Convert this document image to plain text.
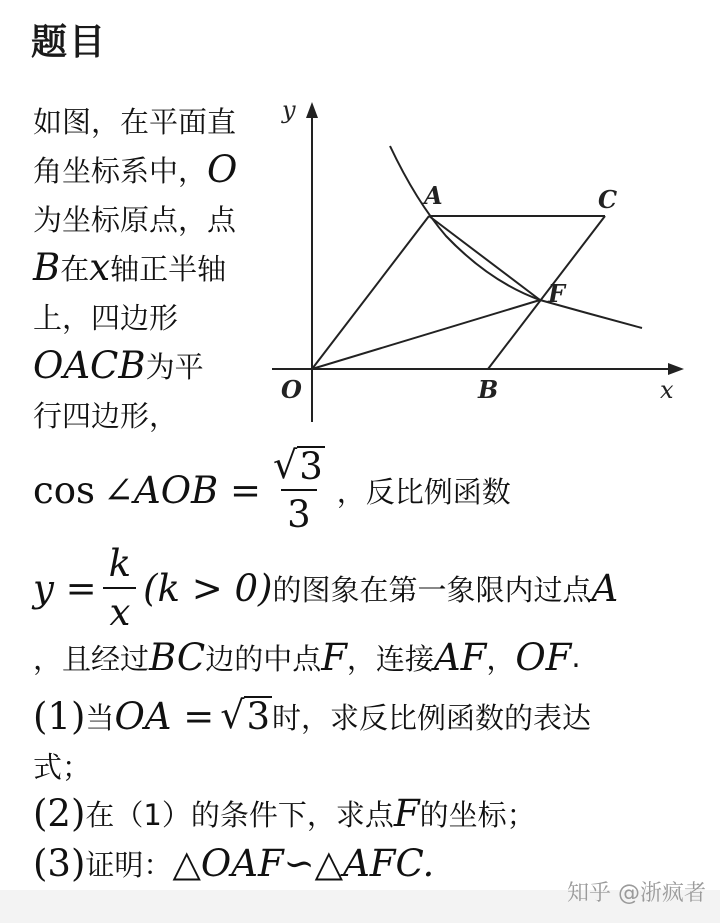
题目
如图，在平面直
角坐标系中， O
为坐标原点，点
B 在 x 轴正半轴
上，四边形
OACB 为平
行四边形，
y
x
O
A	C
F
B
cos ∠AOB = $\frac{√ 3}{3}$ ，反比例函数
$y = \frac{k}{x} (k > 0)$ 的图象在第一象限内过点 A
，且经过 BC 边的中点 F ，连接 AF ， OF .
(1) 当 OA = √ 3 时，求反比例函数的表达
式；
(2) 在（1）的条件下，求点 F 的坐标；
(3) 证明： △OAF∽△AFC.
知乎 @浙疯者
